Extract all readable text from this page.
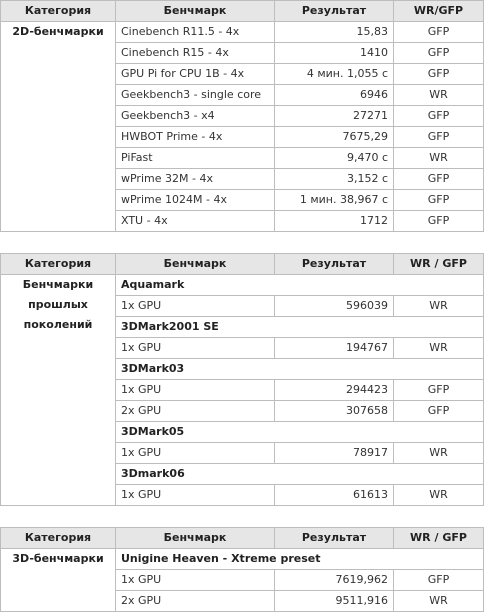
Категория	Бенчмарк	Результат	WR/GFP
2D-бенчмарки	Cinebench R11.5 - 4x	15,83	GFP
	Cinebench R15 - 4x	1410	GFP
	GPU Pi for CPU 1B - 4x	4 мин. 1,055 с	GFP
	Geekbench3 - single core	6946	WR
	Geekbench3 - x4	27271	GFP
	HWBOT Prime - 4x	7675,29	GFP
	PiFast	9,470 с	WR
	wPrime 32M - 4x	3,152 с	GFP
	wPrime 1024M - 4x	1 мин. 38,967 с	GFP
	XTU - 4x	1712	GFP
Категория	Бенчмарк	Результат	WR / GFP
Бенчмарки прошлых поколений	Aquamark		
	1x GPU	596039	WR
	3DMark2001 SE		
	1x GPU	194767	WR
	3DMark03		
	1x GPU	294423	GFP
	2x GPU	307658	GFP
	3DMark05		
	1x GPU	78917	WR
	3Dmark06		
	1x GPU	61613	WR
Категория	Бенчмарк	Результат	WR / GFP
3D-бенчмарки	Unigine Heaven - Xtreme preset		
	1x GPU	7619,962	GFP
	2x GPU	9511,916	WR
